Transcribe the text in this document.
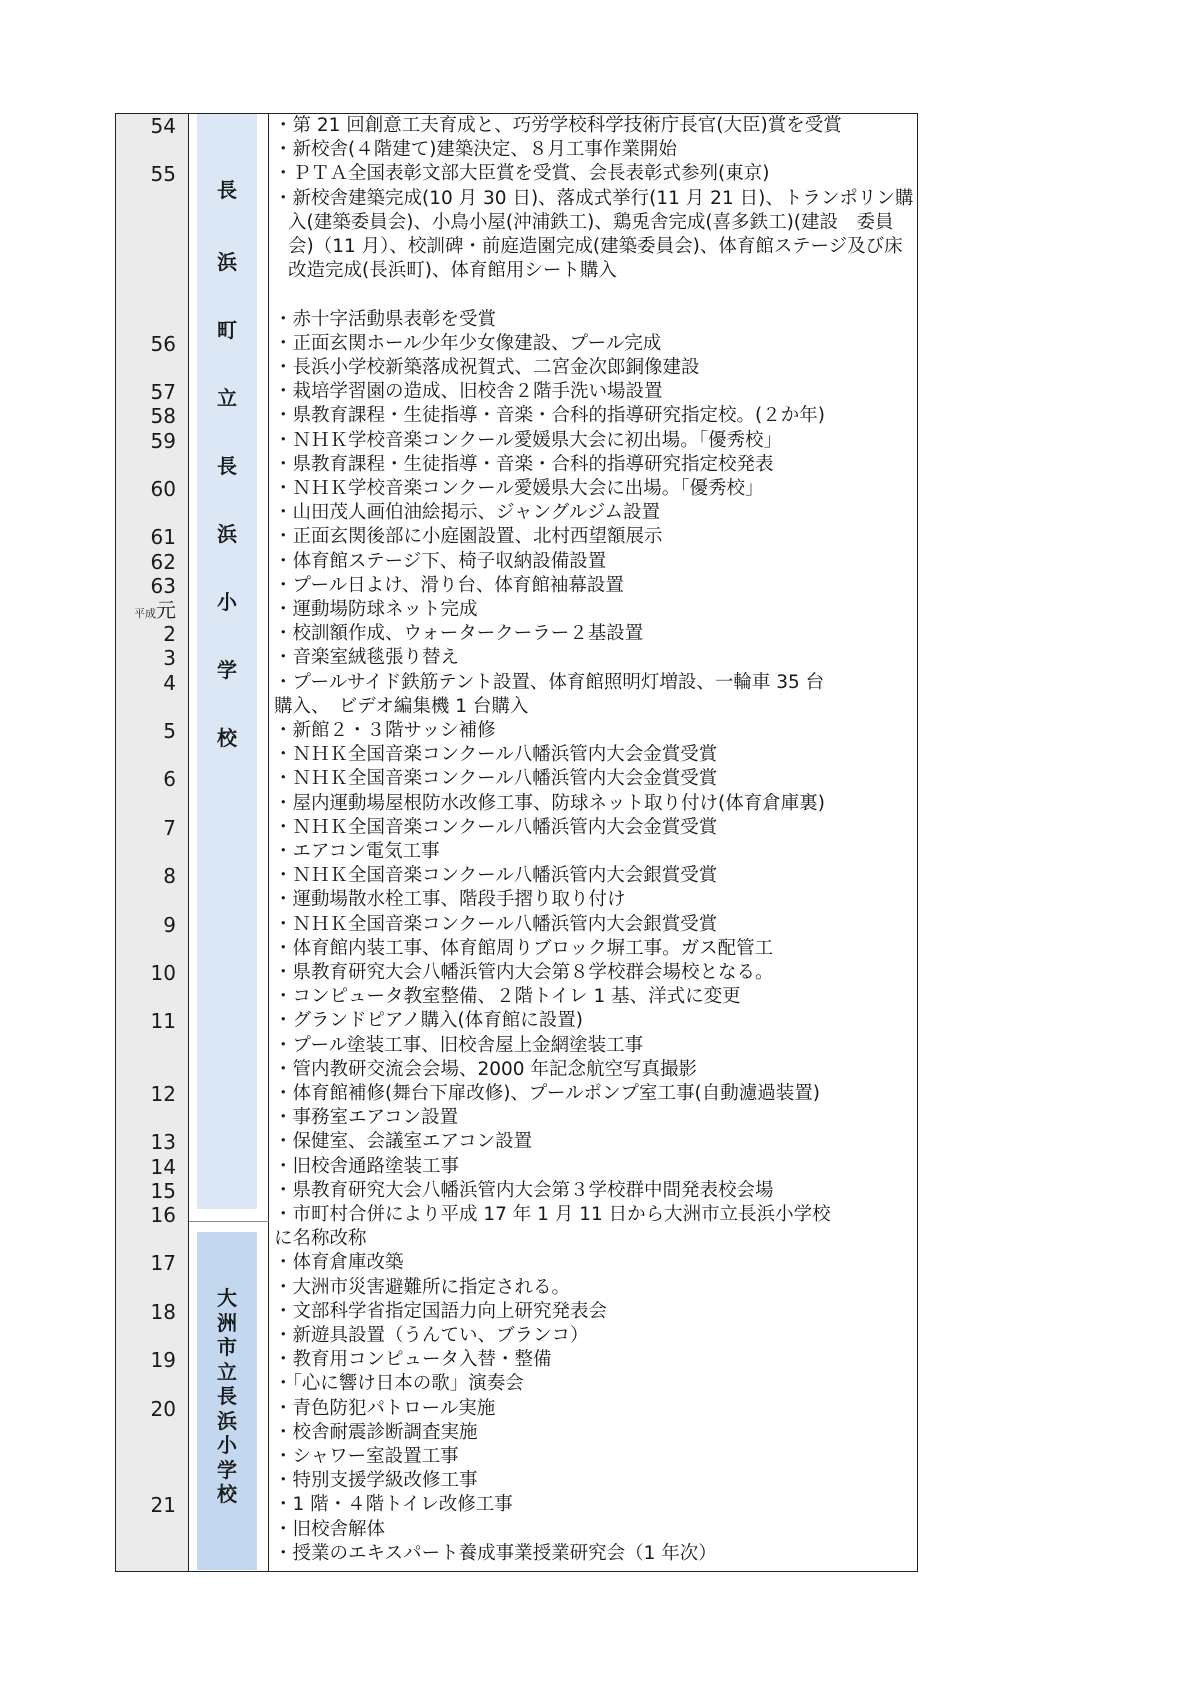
54
55
56
57
58
59
60
61
62
63
平成元
2
3
4
5
6
7
8
9
10
11
12
13
14
15
16
17
18
19
20
21
長
浜
町
立
長
浜
小
学
校
大
洲
市
立
長
浜
小
学
校
・第 21 回創意工夫育成と、巧労学校科学技術庁長官(大臣)賞を受賞
・新校舎(４階建て)建築決定、８月工事作業開始
・ＰＴＡ全国表彰文部大臣賞を受賞、会長表彰式参列(東京)
・新校舎建築完成(10 月 30 日)、落成式挙行(11 月 21 日)、トランポリン購入(建築委員会)、小鳥小屋(沖浦鉄工)、鶏兎舎完成(喜多鉄工)(建設　委員会)（11 月）、校訓碑・前庭造園完成(建築委員会)、体育館ステージ及び床改造完成(長浜町)、体育館用シート購入
・赤十字活動県表彰を受賞
・正面玄関ホール少年少女像建設、プール完成
・長浜小学校新築落成祝賀式、二宮金次郎銅像建設
・栽培学習園の造成、旧校舎２階手洗い場設置
・県教育課程・生徒指導・音楽・合科的指導研究指定校。(２か年)
・ＮＨＫ学校音楽コンクール愛媛県大会に初出場。「優秀校」
・県教育課程・生徒指導・音楽・合科的指導研究指定校発表
・ＮＨＫ学校音楽コンクール愛媛県大会に出場。「優秀校」
・山田茂人画伯油絵掲示、ジャングルジム設置
・正面玄関後部に小庭園設置、北村西望額展示
・体育館ステージ下、椅子収納設備設置
・プール日よけ、滑り台、体育館袖幕設置
・運動場防球ネット完成
・校訓額作成、ウォータークーラー２基設置
・音楽室絨毯張り替え
・プールサイド鉄筋テント設置、体育館照明灯増設、一輪車 35 台
購入、　ビデオ編集機 1 台購入
・新館２・３階サッシ補修
・ＮＨＫ全国音楽コンクール八幡浜管内大会金賞受賞
・ＮＨＫ全国音楽コンクール八幡浜管内大会金賞受賞
・屋内運動場屋根防水改修工事、防球ネット取り付け(体育倉庫裏)
・ＮＨＫ全国音楽コンクール八幡浜管内大会金賞受賞
・エアコン電気工事
・ＮＨＫ全国音楽コンクール八幡浜管内大会銀賞受賞
・運動場散水栓工事、階段手摺り取り付け
・ＮＨＫ全国音楽コンクール八幡浜管内大会銀賞受賞
・体育館内装工事、体育館周りブロック塀工事。ガス配管工
・県教育研究大会八幡浜管内大会第８学校群会場校となる。
・コンピュータ教室整備、２階トイレ 1 基、洋式に変更
・グランドピアノ購入(体育館に設置)
・プール塗装工事、旧校舎屋上金網塗装工事
・管内教研交流会会場、2000 年記念航空写真撮影
・体育館補修(舞台下扉改修)、プールポンプ室工事(自動濾過装置)
・事務室エアコン設置
・保健室、会議室エアコン設置
・旧校舎通路塗装工事
・県教育研究大会八幡浜管内大会第３学校群中間発表校会場
・市町村合併により平成 17 年 1 月 11 日から大洲市立長浜小学校
に名称改称
・体育倉庫改築
・大洲市災害避難所に指定される。
・文部科学省指定国語力向上研究発表会
・新遊具設置（うんてい、ブランコ）
・教育用コンピュータ入替・整備
・「心に響け日本の歌」演奏会
・青色防犯パトロール実施
・校舎耐震診断調査実施
・シャワー室設置工事
・特別支援学級改修工事
・1 階・４階トイレ改修工事
・旧校舎解体
・授業のエキスパート養成事業授業研究会（1 年次）
